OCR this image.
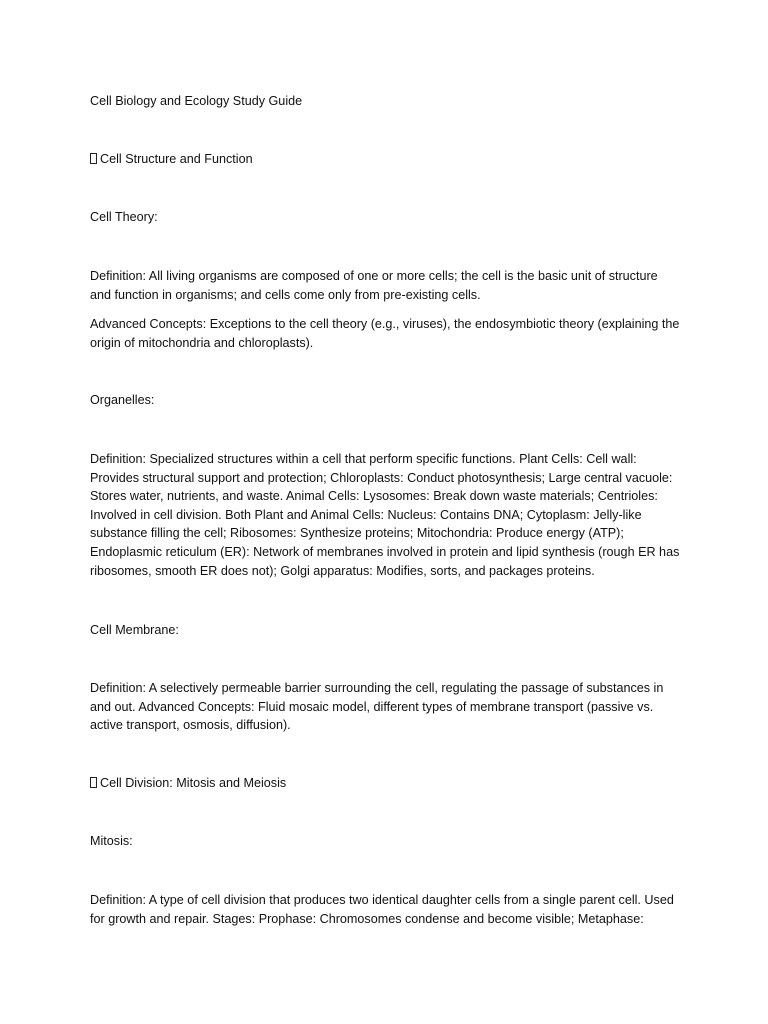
Cell Biology and Ecology Study Guide

Cell Structure and Function

Cell Theory:

Definition: All living organisms are composed of one or more cells; the cell is the basic unit of structure and function in organisms; and cells come only from pre-existing cells.

Advanced Concepts: Exceptions to the cell theory (e.g., viruses), the endosymbiotic theory (explaining the origin of mitochondria and chloroplasts).

Organelles:

Definition: Specialized structures within a cell that perform specific functions. Plant Cells: Cell wall: Provides structural support and protection; Chloroplasts: Conduct photosynthesis; Large central vacuole: Stores water, nutrients, and waste. Animal Cells: Lysosomes: Break down waste materials; Centrioles: Involved in cell division. Both Plant and Animal Cells: Nucleus: Contains DNA; Cytoplasm: Jelly-like substance filling the cell; Ribosomes: Synthesize proteins; Mitochondria: Produce energy (ATP); Endoplasmic reticulum (ER): Network of membranes involved in protein and lipid synthesis (rough ER has ribosomes, smooth ER does not); Golgi apparatus: Modifies, sorts, and packages proteins.

Cell Membrane:

Definition: A selectively permeable barrier surrounding the cell, regulating the passage of substances in and out. Advanced Concepts: Fluid mosaic model, different types of membrane transport (passive vs. active transport, osmosis, diffusion).

Cell Division: Mitosis and Meiosis

Mitosis:

Definition: A type of cell division that produces two identical daughter cells from a single parent cell. Used for growth and repair. Stages: Prophase: Chromosomes condense and become visible; Metaphase:
